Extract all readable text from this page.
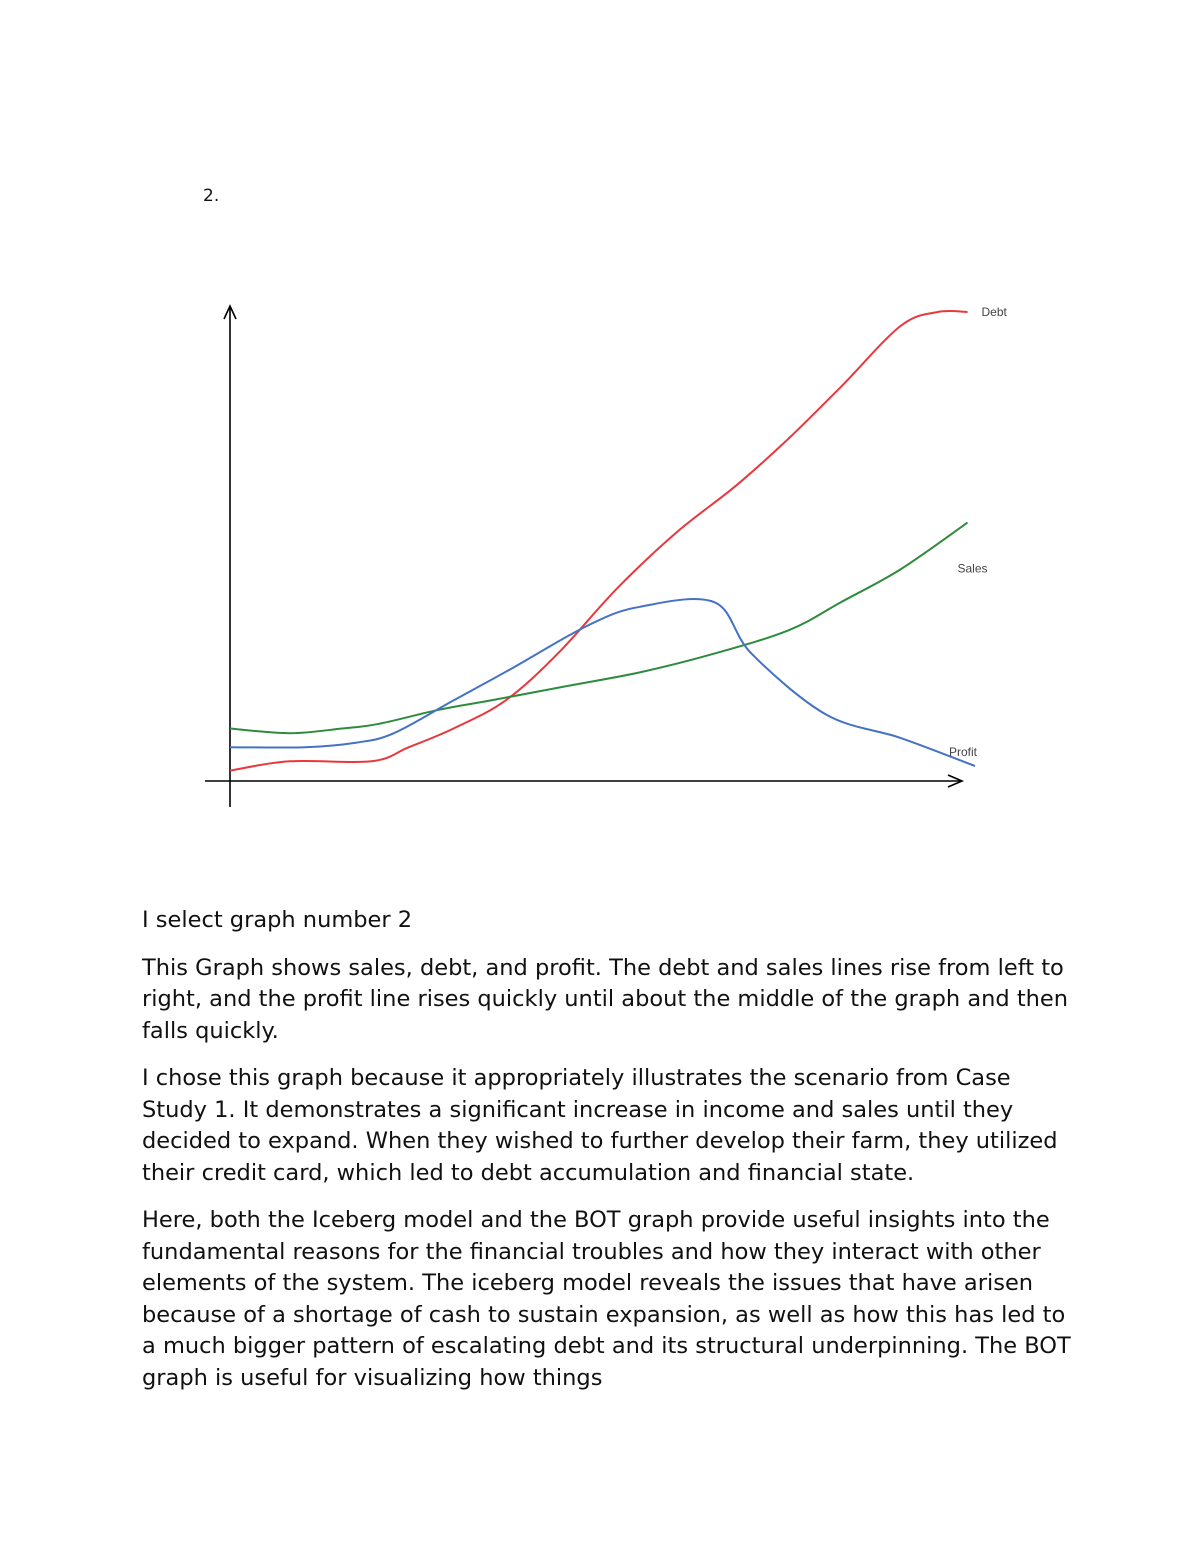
2.

Debt
Sales
Profit

I select graph number 2

This Graph shows sales, debt, and profit. The debt and sales lines rise from left to right, and the profit line rises quickly until about the middle of the graph and then falls quickly.

I chose this graph because it appropriately illustrates the scenario from Case Study 1. It demonstrates a significant increase in income and sales until they decided to expand. When they wished to further develop their farm, they utilized their credit card, which led to debt accumulation and financial state.

Here, both the Iceberg model and the BOT graph provide useful insights into the fundamental reasons for the financial troubles and how they interact with other elements of the system. The iceberg model reveals the issues that have arisen because of a shortage of cash to sustain expansion, as well as how this has led to a much bigger pattern of escalating debt and its structural underpinning. The BOT graph is useful for visualizing how things
